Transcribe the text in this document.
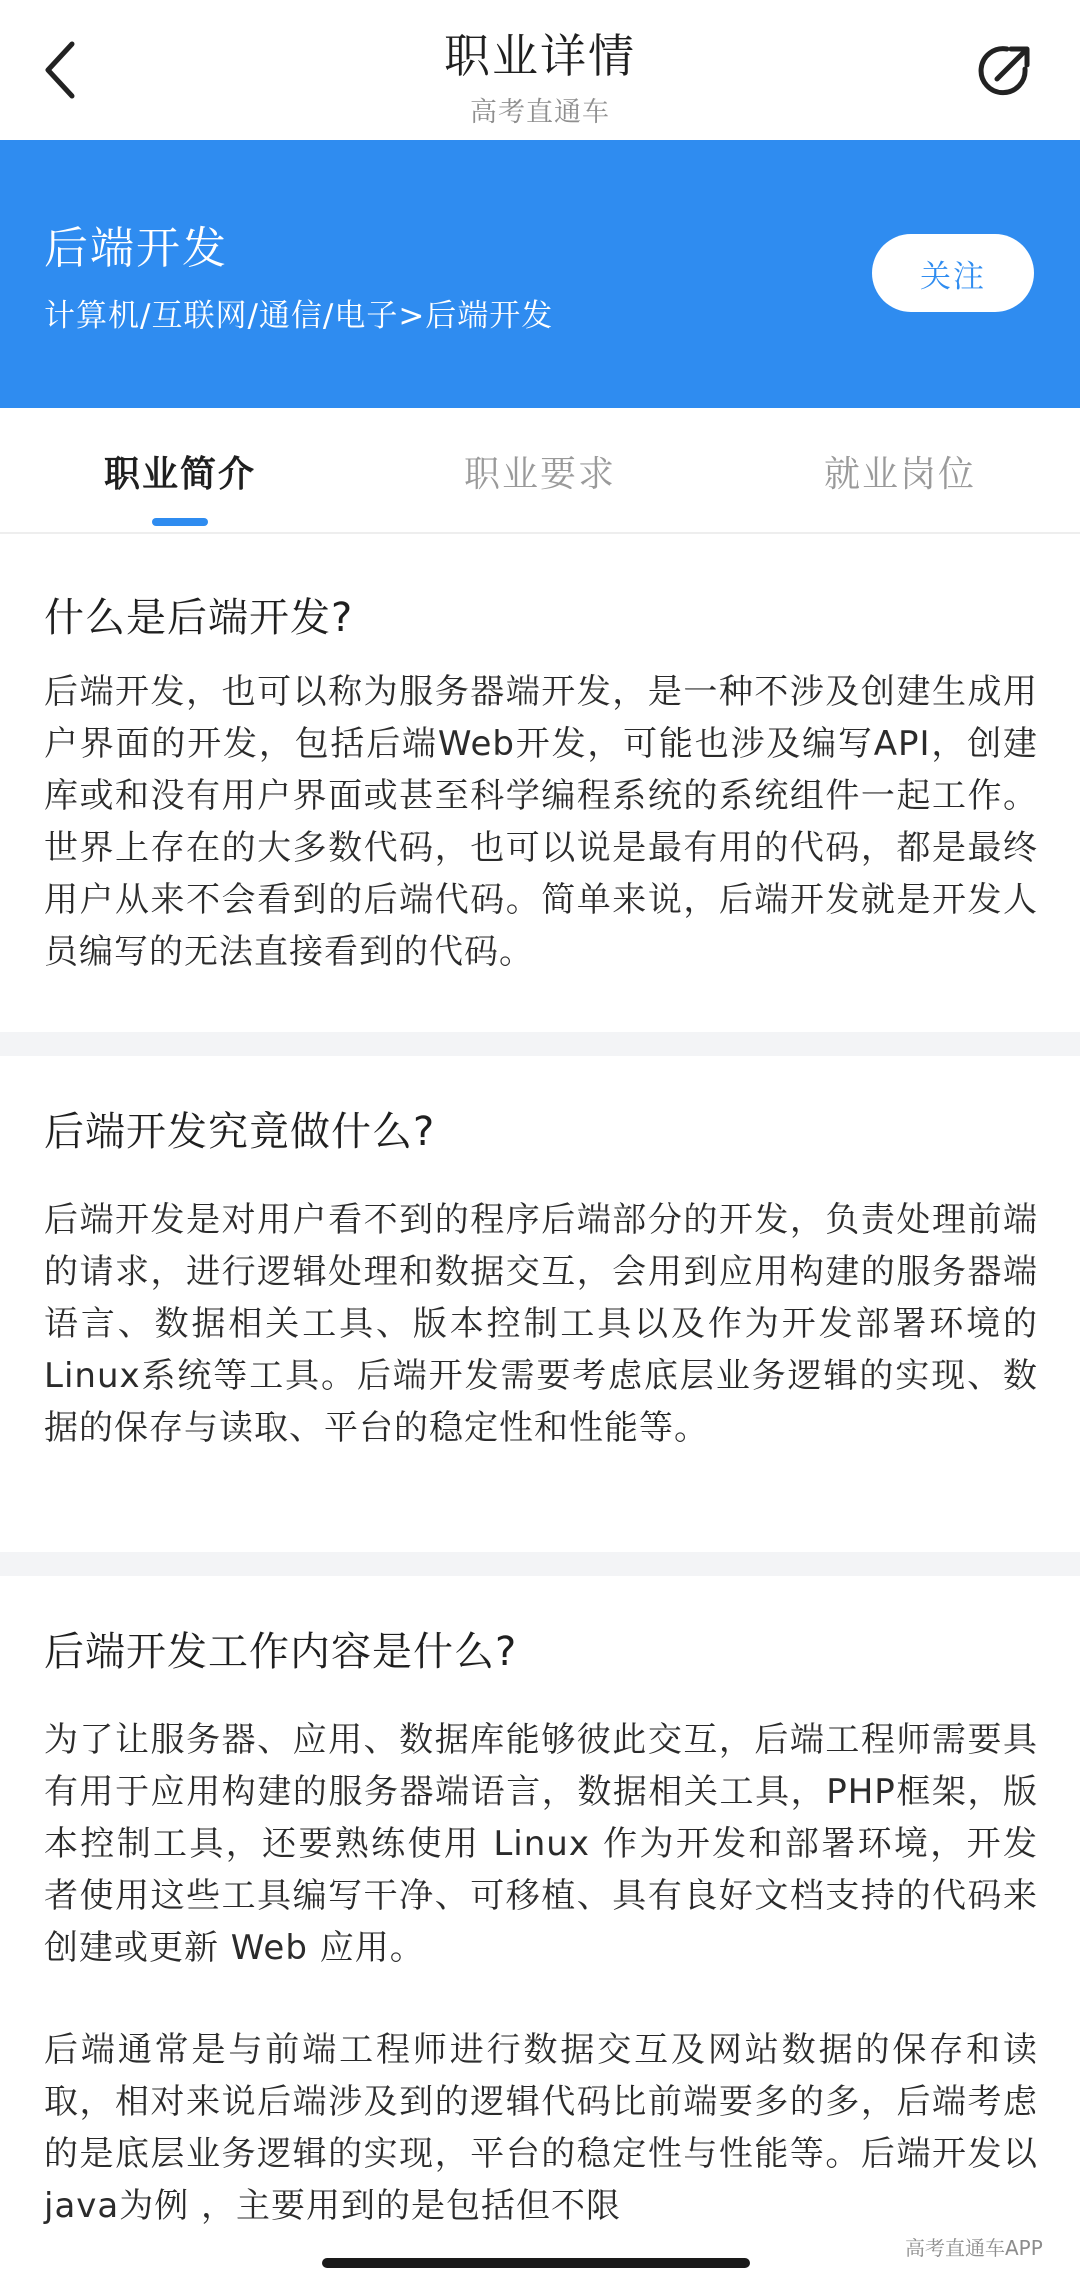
职业详情
高考直通车
后端开发
计算机/互联网/通信/电子>后端开发
关注
职业简介	职业要求	就业岗位
什么是后端开发?
后端开发，也可以称为服务器端开发，是一种不涉及创建生成用户界面的开发，包括后端Web开发，可能也涉及编写API，创建库或和没有用户界面或甚至科学编程系统的系统组件一起工作。世界上存在的大多数代码，也可以说是最有用的代码，都是最终用户从来不会看到的后端代码。简单来说，后端开发就是开发人员编写的无法直接看到的代码。
后端开发究竟做什么?
后端开发是对用户看不到的程序后端部分的开发，负责处理前端的请求，进行逻辑处理和数据交互，会用到应用构建的服务器端语言、数据相关工具、版本控制工具以及作为开发部署环境的Linux系统等工具。后端开发需要考虑底层业务逻辑的实现、数据的保存与读取、平台的稳定性和性能等。
后端开发工作内容是什么?
为了让服务器、应用、数据库能够彼此交互，后端工程师需要具有用于应用构建的服务器端语言，数据相关工具，PHP框架，版本控制工具，还要熟练使用 Linux 作为开发和部署环境，开发者使用这些工具编写干净、可移植、具有良好文档支持的代码来创建或更新 Web 应用。
后端通常是与前端工程师进行数据交互及网站数据的保存和读取，相对来说后端涉及到的逻辑代码比前端要多的多，后端考虑的是底层业务逻辑的实现，平台的稳定性与性能等。后端开发以java为例 ，主要用到的是包括但不限
高考直通车APP
